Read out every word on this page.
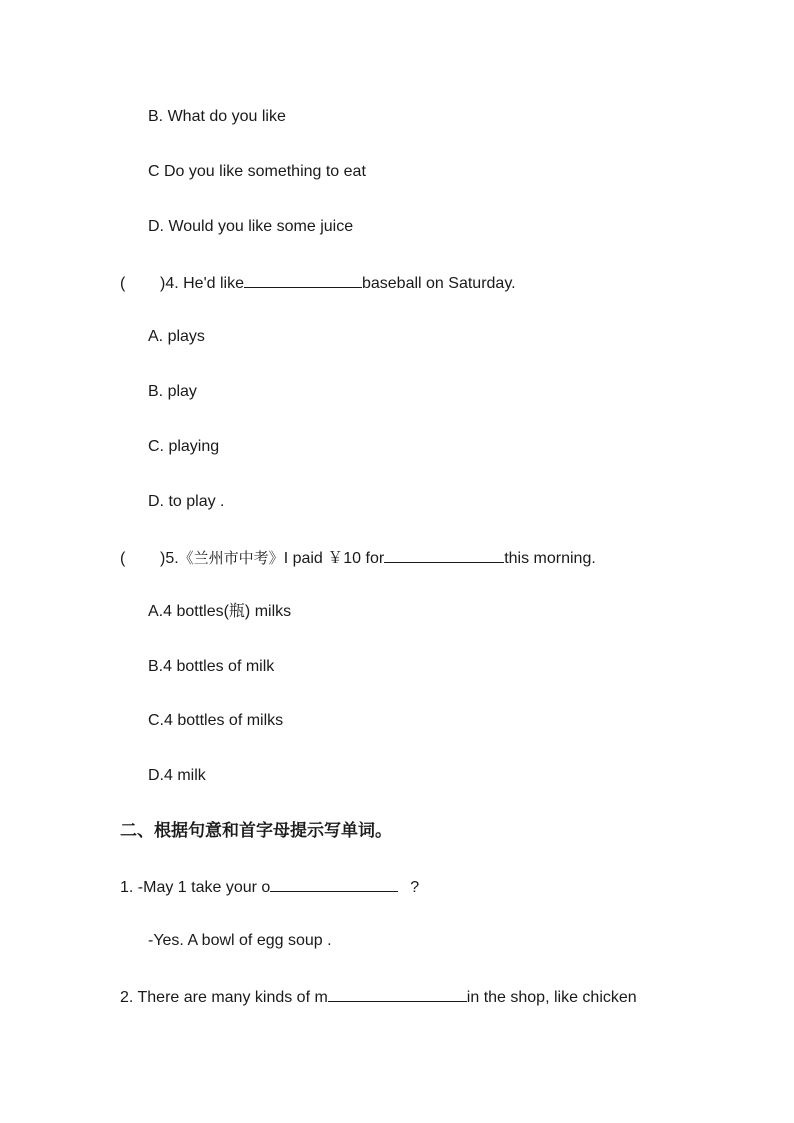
B. What do you like
C Do you like something to eat
D. Would you like some juice
( )4. He'd like	baseball on Saturday.
A. plays
B. play
C. playing
D. to play .
( )5.《兰州市中考》I paid ￥10 for	this morning.
A.4 bottles(瓶) milks
B.4 bottles of milk
C.4 bottles of milks
D.4 milk
二、根据句意和首字母提示写单词。
1. -May 1 take your o	?
-Yes. A bowl of egg soup .
2. There are many kinds of m	in the shop, like chicken
